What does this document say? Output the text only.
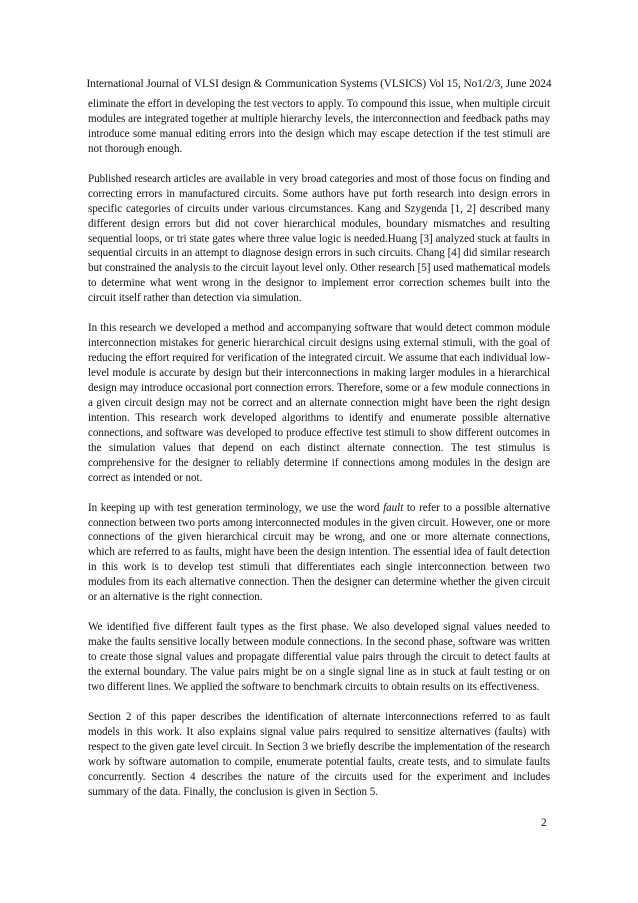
International Journal of VLSI design & Communication Systems (VLSICS) Vol 15, No1/2/3, June 2024

eliminate the effort in developing the test vectors to apply. To compound this issue, when multiple circuit modules are integrated together at multiple hierarchy levels, the interconnection and feedback paths may introduce some manual editing errors into the design which may escape detection if the test stimuli are not thorough enough.

Published research articles are available in very broad categories and most of those focus on finding and correcting errors in manufactured circuits. Some authors have put forth research into design errors in specific categories of circuits under various circumstances. Kang and Szygenda [1, 2] described many different design errors but did not cover hierarchical modules, boundary mismatches and resulting sequential loops, or tri state gates where three value logic is needed.Huang [3] analyzed stuck at faults in sequential circuits in an attempt to diagnose design errors in such circuits. Chang [4] did similar research but constrained the analysis to the circuit layout level only. Other research [5] used mathematical models to determine what went wrong in the designor to implement error correction schemes built into the circuit itself rather than detection via simulation.

In this research we developed a method and accompanying software that would detect common module interconnection mistakes for generic hierarchical circuit designs using external stimuli, with the goal of reducing the effort required for verification of the integrated circuit. We assume that each individual low-level module is accurate by design but their interconnections in making larger modules in a hierarchical design may introduce occasional port connection errors. Therefore, some or a few module connections in a given circuit design may not be correct and an alternate connection might have been the right design intention. This research work developed algorithms to identify and enumerate possible alternative connections, and software was developed to produce effective test stimuli to show different outcomes in the simulation values that depend on each distinct alternate connection. The test stimulus is comprehensive for the designer to reliably determine if connections among modules in the design are correct as intended or not.

In keeping up with test generation terminology, we use the word fault to refer to a possible alternative connection between two ports among interconnected modules in the given circuit. However, one or more connections of the given hierarchical circuit may be wrong, and one or more alternate connections, which are referred to as faults, might have been the design intention. The essential idea of fault detection in this work is to develop test stimuli that differentiates each single interconnection between two modules from its each alternative connection. Then the designer can determine whether the given circuit or an alternative is the right connection.

We identified five different fault types as the first phase. We also developed signal values needed to make the faults sensitive locally between module connections. In the second phase, software was written to create those signal values and propagate differential value pairs through the circuit to detect faults at the external boundary. The value pairs might be on a single signal line as in stuck at fault testing or on two different lines. We applied the software to benchmark circuits to obtain results on its effectiveness.

Section 2 of this paper describes the identification of alternate interconnections referred to as fault models in this work. It also explains signal value pairs required to sensitize alternatives (faults) with respect to the given gate level circuit. In Section 3 we briefly describe the implementation of the research work by software automation to compile, enumerate potential faults, create tests, and to simulate faults concurrently. Section 4 describes the nature of the circuits used for the experiment and includes summary of the data. Finally, the conclusion is given in Section 5.

2
